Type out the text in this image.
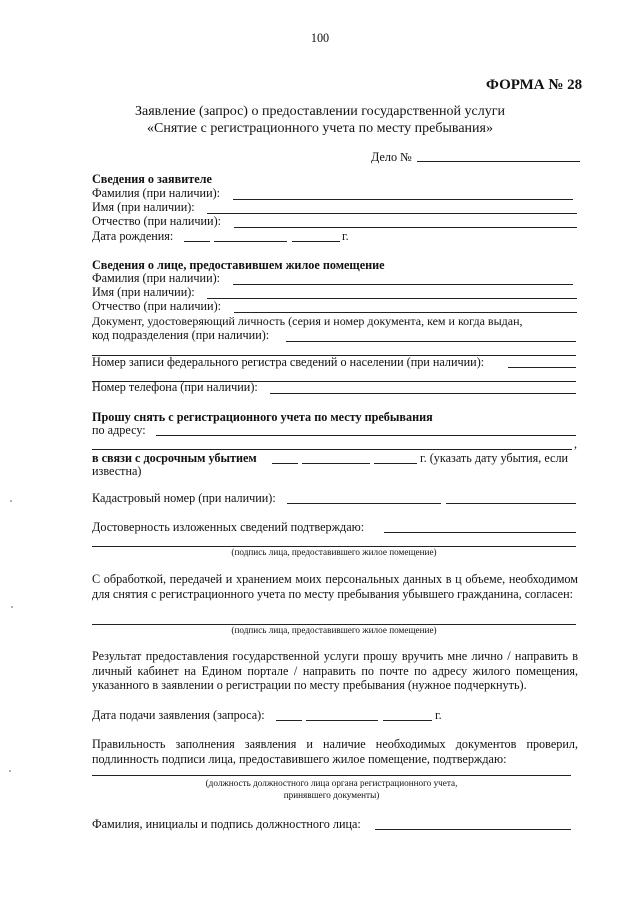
100
ФОРМА № 28
Заявление (запрос) о предоставлении государственной услуги
«Снятие с регистрационного учета по месту пребывания»
Дело №
Сведения о заявителе
Фамилия (при наличии):
Имя (при наличии):
Отчество (при наличии):
Дата рождения:	г.
Сведения о лице, предоставившем жилое помещение
Фамилия (при наличии):
Имя (при наличии):
Отчество (при наличии):
Документ, удостоверяющий личность (серия и номер документа, кем и когда выдан,
код подразделения (при наличии):
Номер записи федерального регистра сведений о населении (при наличии):
Номер телефона (при наличии):
Прошу снять с регистрационного учета по месту пребывания
по адресу:
,
в связи с досрочным убытием	г. (указать дату убытия, если
известна)
Кадастровый номер (при наличии):
Достоверность изложенных сведений подтверждаю:
(подпись лица, предоставившего жилое помещение)
С обработкой, передачей и хранением моих персональных данных в ц объеме, необходимом для снятия с регистрационного учета по месту пребывания убывшего гражданина, согласен:
(подпись лица, предоставившего жилое помещение)
Результат предоставления государственной услуги прошу вручить мне лично / направить в личный кабинет на Едином портале / направить по почте по адресу жилого помещения, указанного в заявлении о регистрации по месту пребывания (нужное подчеркнуть).
Дата подачи заявления (запроса):	г.
Правильность заполнения заявления и наличие необходимых документов проверил, подлинность подписи лица, предоставившего жилое помещение, подтверждаю:
(должность должностного лица органа регистрационного учета,
принявшего документы)
Фамилия, инициалы и подпись должностного лица:
